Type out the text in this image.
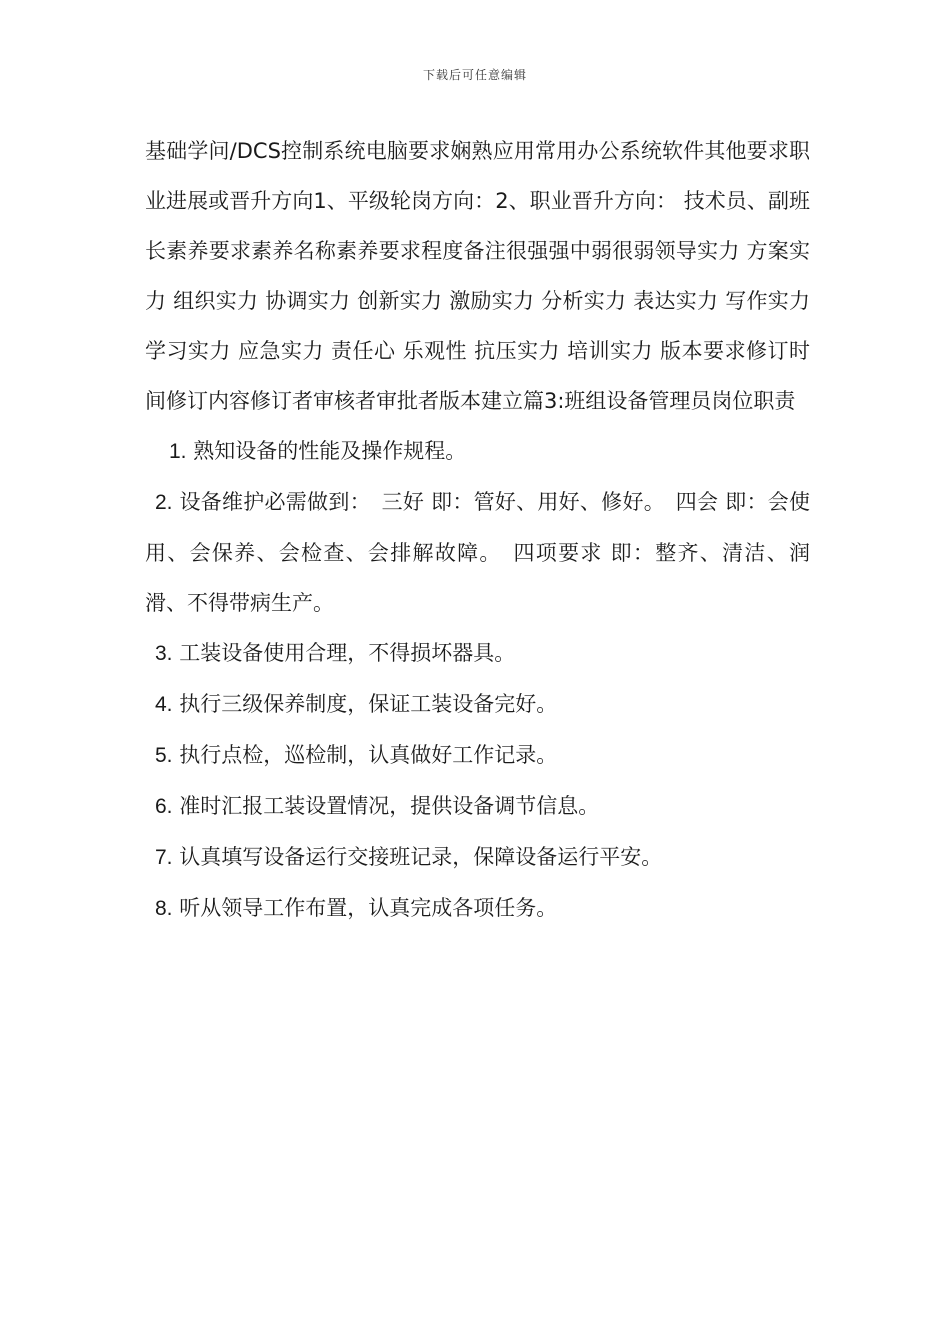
下载后可任意编辑

基础学问/DCS控制系统电脑要求娴熟应用常用办公系统软件其他要求职业进展或晋升方向1、平级轮岗方向：2、职业晋升方向： 技术员、副班长素养要求素养名称素养要求程度备注很强强中弱很弱领导实力 方案实力 组织实力 协调实力 创新实力 激励实力 分析实力 表达实力 写作实力 学习实力 应急实力 责任心 乐观性 抗压实力 培训实力 版本要求修订时间修订内容修订者审核者审批者版本建立篇3:班组设备管理员岗位职责

1. 熟知设备的性能及操作规程。

2. 设备维护必需做到：　三好 即：管好、用好、修好。　四会 即：会使用、会保养、会检查、会排解故障。　四项要求 即：整齐、清洁、润滑、不得带病生产。

3. 工装设备使用合理，不得损坏器具。

4. 执行三级保养制度，保证工装设备完好。

5. 执行点检，巡检制，认真做好工作记录。

6. 准时汇报工装设置情况，提供设备调节信息。

7. 认真填写设备运行交接班记录，保障设备运行平安。

8. 听从领导工作布置，认真完成各项任务。
